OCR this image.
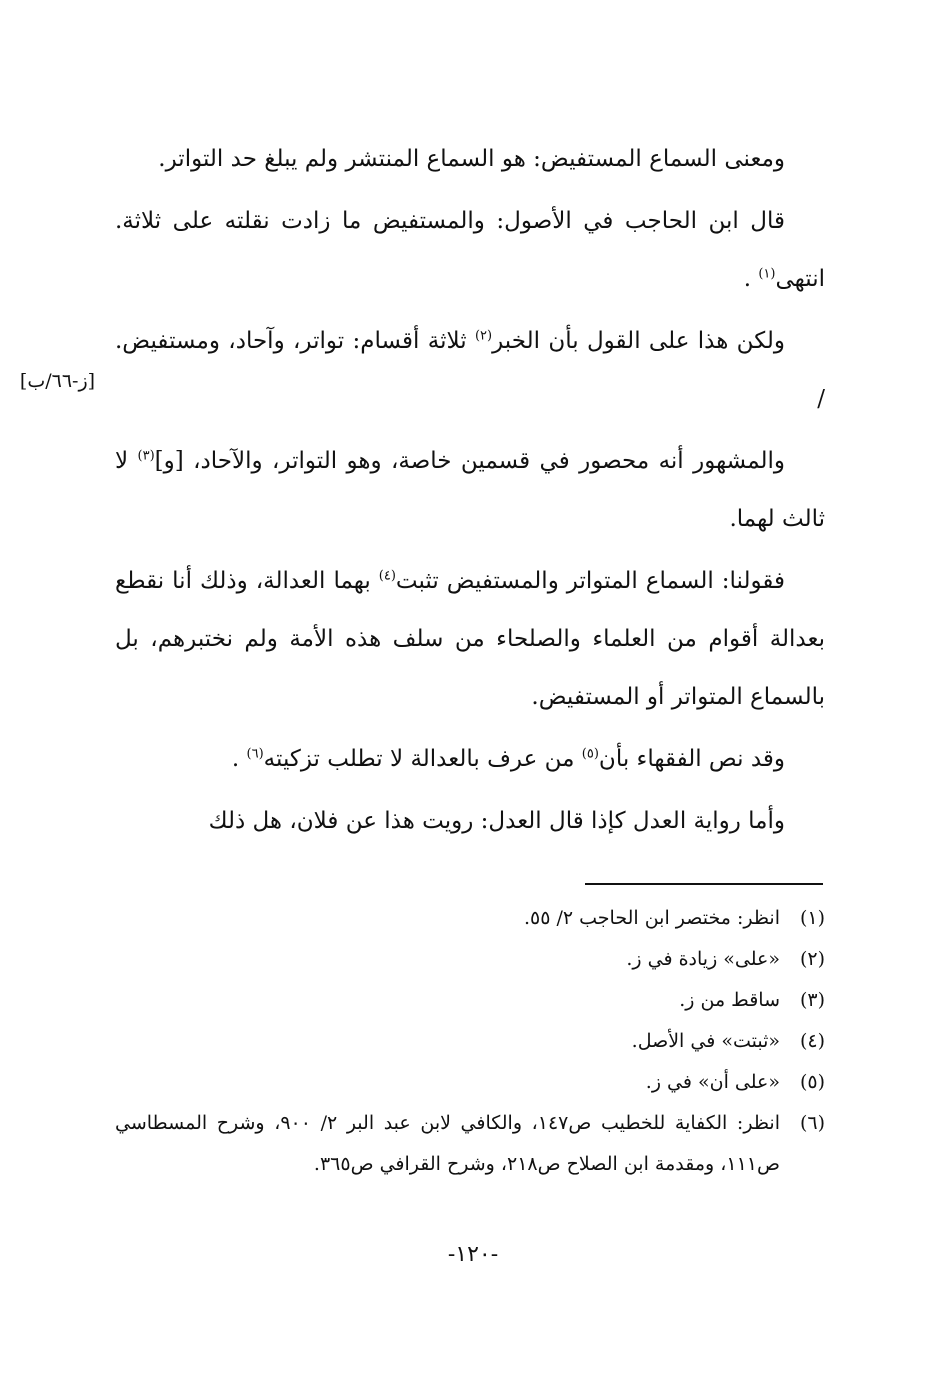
ومعنى السماع المستفيض: هو السماع المنتشر ولم يبلغ حد التواتر.

قال ابن الحاجب في الأصول: والمستفيض ما زادت نقلته على ثلاثة. انتهى$^{(١)}$ .

ولكن هذا على القول بأن الخبر$^{(٢)}$ ثلاثة أقسام: تواتر، وآحاد، ومستفيض. /

والمشهور أنه محصور في قسمين خاصة، وهو التواتر، والآحاد، [و]$^{(٣)}$ لا ثالث لهما.

فقولنا: السماع المتواتر والمستفيض تثبت$^{(٤)}$ بهما العدالة، وذلك أنا نقطع بعدالة أقوام من العلماء والصلحاء من سلف هذه الأمة ولم نختبرهم، بل بالسماع المتواتر أو المستفيض.

وقد نص الفقهاء بأن$^{(٥)}$ من عرف بالعدالة لا تطلب تزكيته$^{(٦)}$ .

وأما رواية العدل كإذا قال العدل: رويت هذا عن فلان، هل ذلك

[ز-٦٦/ب]

(١)
انظر: مختصر ابن الحاجب ٢/ ٥٥.

(٢)
«على» زيادة في ز.

(٣)
ساقط من ز.

(٤)
«ثبتت» في الأصل.

(٥)
«على أن» في ز.

(٦)
انظر: الكفاية للخطيب ص١٤٧، والكافي لابن عبد البر ٢/ ٩٠٠، وشرح المسطاسي ص١١١، ومقدمة ابن الصلاح ص٢١٨، وشرح القرافي ص٣٦٥.

-١٢٠-
